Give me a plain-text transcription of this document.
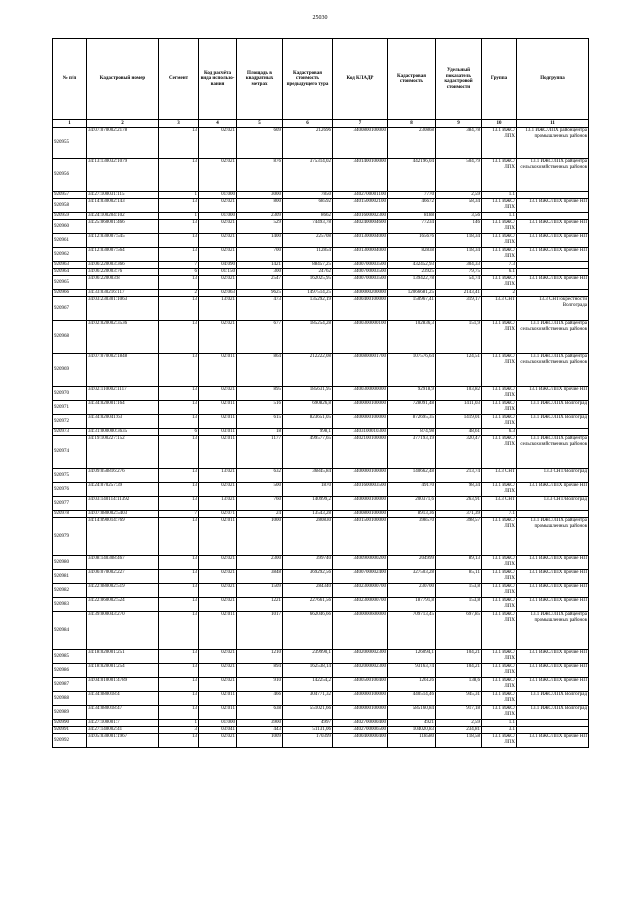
25030
№ п/п	Кадастровый номер	Сегмент	Код расчёта вида использо-вания	Площадь в квадратных метрах	Кадастровая стоимость предыдущего тура	Код КЛАДР	Кадастровая стоимость	Удельный показатель кадастровой стоимости	Группа	Подгруппа
1	2	3	4	5	6	7	8	9	10	11
920955	34:07:070002:2178	13	02:021	609	212696	3400800100000	230868	384,78	13.1 ИЖС/ЛПХ	13.1 ИЖС/ЛПХ районцентра промышленных районов
920956	34:13:130032:1079	13	02:021	876	375314,02	3401400100000	442196,04	504,79	13.1 ИЖС/ЛПХ	13.1 ИЖС/ЛПХ райцентра сельскохозяйственных районов
920957	34:27:100031:115	1	01:000	3000	7850	3402700001100	7770	2,59	1.1	
920958	34:14:030002:143	13	02:021	800	68592	3401500002100	46672	58,34	13.1 ИЖС/ЛПХ	13.1 ИЖС/ЛПХ прочие НП
920959	34:24:100204:102	1	01:000	2309	8662	3401600002300	8188	3,56	1.1	
920960	34:25:060001:466	13	02:021	529	74493,78	3402400004600	77234	146	13.1 ИЖС/ЛПХ	13.1 ИЖС/ЛПХ прочие НП
920961	34:12:030007:545	13	02:021	1400	225708	3401300004000	165676	118,34	13.1 ИЖС/ЛПХ	13.1 ИЖС/ЛПХ прочие НП
920962	34:12:030007:564	13	02:021	700	112854	3401300004000	82838	118,34	13.1 ИЖС/ЛПХ	13.1 ИЖС/ЛПХ прочие НП
920963	34:06:220003:366	7	04:090	1421	88457,25	3400700003500	432452,93	304,33	7.3	
920964	34:06:220003:76	6	01:150	300	24762	3400700003500	23925	79,75	6.1	
920965	34:06:220003:8	13	02:021	2547	162025,95	3400700003500	139422,78	54,74	13.1 ИЖС/ЛПХ	13.1 ИЖС/ЛПХ прочие НП
920966	34:33:030216:117	2	02:063	9625	1497514,25	3400000200000	12066681,25	2143,41	2	
920967	34:03:230301:1063	13	13:021	473	135292,19	3400400100000	150967,41	319,17	13.3 СНТ	13.3 СНТ/окрестности Волгограда
920968	34:02:020002:3536	13	02:021	677	185254,28	3400300000100	102836,3	151,9	13.1 ИЖС/ЛПХ	13.1 ИЖС/ЛПХ райцентра сельскохозяйственных районов
920969	34:07:070002:1848	13	02:011	864	212222,08	3400800001700	107576,64	124,51	13.1 ИЖС/ЛПХ	13.1 ИЖС/ЛПХ райцентра сельскохозяйственных районов
920970	34:02:110002:1117	13	02:021	895	185631,95	3400300000000	92918,9	103,82	13.1 ИЖС/ЛПХ	13.1 ИЖС/ЛПХ прочие НП
920971	34:34:020001:164	13	02:011	516	690826,8	3400000100000	728091,48	1411,03	13.1 ИЖС/ЛПХ	13.1 ИЖС/ЛПХ Волгоград
920972	34:34:020041:63	13	02:011	615	823651,05	3400000100000	872695,35	1419,01	13.1 ИЖС/ЛПХ	13.1 ИЖС/ЛПХ Волгоград
920973	34:31:000000:3635	6	03:011	18	998,1	3403100010300	874,98	48,61	6.3	
920974	34:19:100227:152	13	02:011	1177	499577,65	3402100100000	377193,19	320,47	13.1 ИЖС/ЛПХ	13.1 ИЖС/ЛПХ райцентра сельскохозяйственных районов
920975	34:09:050816:276	13	13:021	632	36845,84	3400000100000	140662,48	213,74	13.3 СНТ	13.3 СНТ/Волгоград
920976	34:24:070257:39	13	02:021	500	1870	3401600003500	49170	98,34	13.1 ИЖС/ЛПХ	13.1 ИЖС/ЛПХ прочие НП
920977	34:03:140114:11392	13	13:021	760	140999,2	3400000100000	200371,6	263,91	13.3 СНТ	13.3 СНТ/Волгоград
920978	34:07:080002:5403	7	02:071	24	13543,28	3400800100000	8913,36	371,39	7.1	
920979	34:14:090014:769	13	02:011	1000	280830	3401500100000	398570	398,57	13.1 ИЖС/ЛПХ	13.1 ИЖС/ЛПХ райцентра промышленных районов
920980	34:08:140308:467	13	02:021	2300	399740	3400900000200	204999	89,13	13.1 ИЖС/ЛПХ	13.1 ИЖС/ЛПХ прочие НП
920981	34:06:070002:227	13	02:021	3848	369292,56	3400700002400	327503,28	85,11	13.1 ИЖС/ЛПХ	13.1 ИЖС/ЛПХ прочие НП
920982	34:22:080002:519	13	02:021	1509	284340	3402300000700	230700	153,8	13.1 ИЖС/ЛПХ	13.1 ИЖС/ЛПХ прочие НП
920983	34:22:060002:524	13	02:021	1221	227661,56	3402300000700	187791,8	153,8	13.1 ИЖС/ЛПХ	13.1 ИЖС/ЛПХ прочие НП
920984	34:39:000043:270	13	02:011	1017	662046,66	3400000600000	709713,45	697,85	13.1 ИЖС/ЛПХ	13.1 ИЖС/ЛПХ райцентра промышленных районов
920985	34:18:020001:251	13	02:021	1210	239990,1	3402000002300	126094,1	104,21	13.1 ИЖС/ЛПХ	13.1 ИЖС/ЛПХ прочие НП
920986	34:18:020001:254	13	02:021	894	162538,14	3402000002300	93163,74	104,21	13.1 ИЖС/ЛПХ	13.1 ИЖС/ЛПХ прочие НП
920987	34:04:010001:4789	13	02:021	910	142254,2	3400500100400	126126	138,6	13.1 ИЖС/ЛПХ	13.1 ИЖС/ЛПХ прочие НП
920988	34:34:080018:4	13	02:011	466	304771,32	3400000100000	440514,46	945,31	13.1 ИЖС/ЛПХ	13.1 ИЖС/ЛПХ Волгоград
920989	34:34:080018:47	13	02:011	638	551021,66	3400000100000	585160,84	917,18	13.1 ИЖС/ЛПХ	13.1 ИЖС/ЛПХ Волгоград
920990	34:27:100001:7	1	01:000	3900	4997	3402700000400	4921	2,59	1.1	
920991	34:27:140002:41	3	03:041	443	51131,06	3402700006500	104020,83	234,81	3.1	
920992	34:05:030001:1967	13	02:021	1009	170399	3400400000400	118580	118,58	13.1 ИЖС/ЛПХ	13.1 ИЖС/ЛПХ прочие НП
